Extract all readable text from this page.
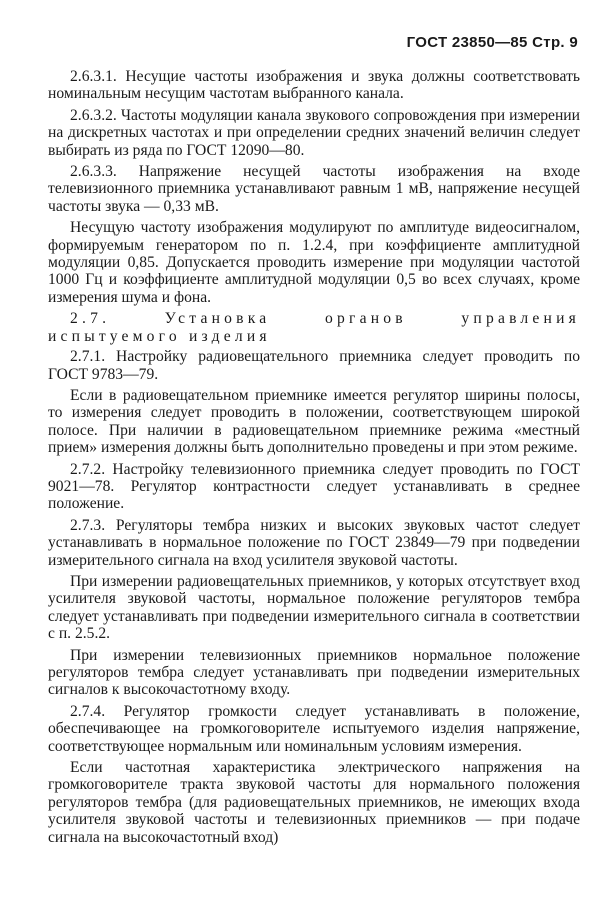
ГОСТ 23850—85 Стр. 9

2.6.3.1. Несущие частоты изображения и звука должны соответствовать номинальным несущим частотам выбранного канала.

2.6.3.2. Частоты модуляции канала звукового сопровождения при измерении на дискретных частотах и при определении средних значений величин следует выбирать из ряда по ГОСТ 12090—80.

2.6.3.3. Напряжение несущей частоты изображения на входе телевизионного приемника устанавливают равным 1 мВ, напряжение несущей частоты звука — 0,33 мВ.

Несущую частоту изображения модулируют по амплитуде видеосигналом, формируемым генератором по п. 1.2.4, при коэффициенте амплитудной модуляции 0,85. Допускается проводить измерение при модуляции частотой 1000 Гц и коэффициенте амплитудной модуляции 0,5 во всех случаях, кроме измерения шума и фона.

2.7. Установка органов управления испытуемого изделия

2.7.1. Настройку радиовещательного приемника следует проводить по ГОСТ 9783—79.

Если в радиовещательном приемнике имеется регулятор ширины полосы, то измерения следует проводить в положении, соответствующем широкой полосе. При наличии в радиовещательном приемнике режима «местный прием» измерения должны быть дополнительно проведены и при этом режиме.

2.7.2. Настройку телевизионного приемника следует проводить по ГОСТ 9021—78. Регулятор контрастности следует устанавливать в среднее положение.

2.7.3. Регуляторы тембра низких и высоких звуковых частот следует устанавливать в нормальное положение по ГОСТ 23849—79 при подведении измерительного сигнала на вход усилителя звуковой частоты.

При измерении радиовещательных приемников, у которых отсутствует вход усилителя звуковой частоты, нормальное положение регуляторов тембра следует устанавливать при подведении измерительного сигнала в соответствии с п. 2.5.2.

При измерении телевизионных приемников нормальное положение регуляторов тембра следует устанавливать при подведении измерительных сигналов к высокочастотному входу.

2.7.4. Регулятор громкости следует устанавливать в положение, обеспечивающее на громкоговорителе испытуемого изделия напряжение, соответствующее нормальным или номинальным условиям измерения.

Если частотная характеристика электрического напряжения на громкоговорителе тракта звуковой частоты для нормального положения регуляторов тембра (для радиовещательных приемников, не имеющих входа усилителя звуковой частоты и телевизионных приемников — при подаче сигнала на высокочастотный вход)
